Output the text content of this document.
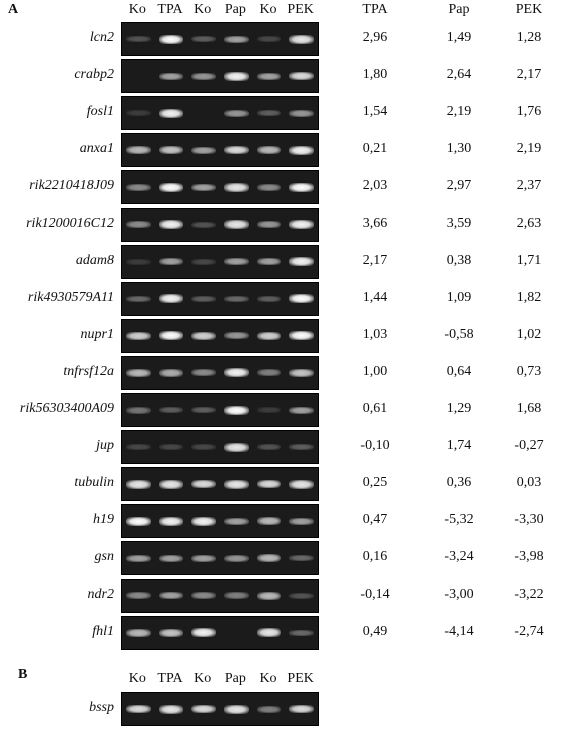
A	Ko TPA Ko Pap Ko PEK	TPA	Pap	PEK
lcn2	2,96	1,49	1,28
crabp2	1,80	2,64	2,17
fosl1	1,54	2,19	1,76
anxa1	0,21	1,30	2,19
rik2210418J09	2,03	2,97	2,37
rik1200016C12	3,66	3,59	2,63
adam8	2,17	0,38	1,71
rik4930579A11	1,44	1,09	1,82
nupr1	1,03	-0,58	1,02
tnfrsf12a	1,00	0,64	0,73
rik56303400A09	0,61	1,29	1,68
jup	-0,10	1,74	-0,27
tubulin	0,25	0,36	0,03
h19	0,47	-5,32	-3,30
gsn	0,16	-3,24	-3,98
ndr2	-0,14	-3,00	-3,22
fhl1	0,49	-4,14	-2,74
B	Ko TPA Ko Pap Ko PEK
bssp
